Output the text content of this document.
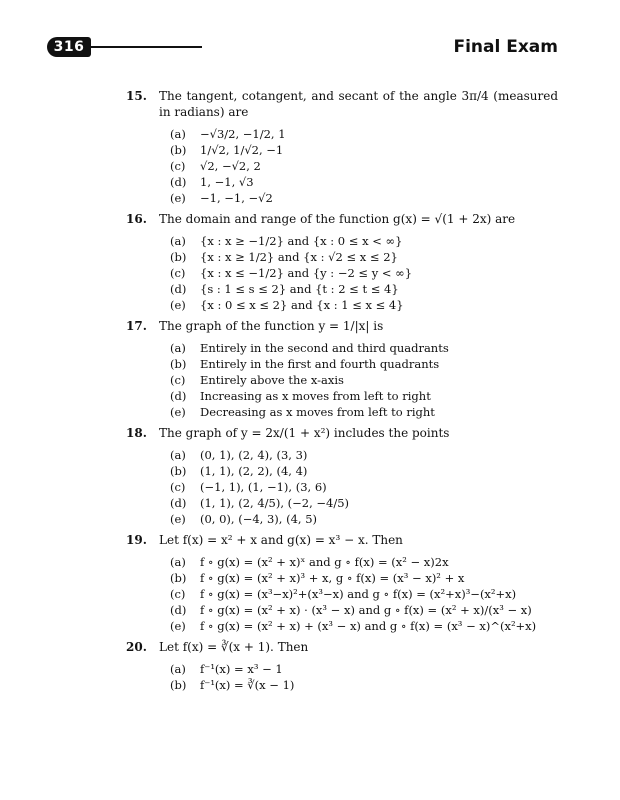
316	Final Exam
15.	The tangent, cotangent, and secant of the angle 3π/4 (measured in radians) are
(a)	−√3/2, −1/2, 1
(b)	1/√2, 1/√2, −1
(c)	√2, −√2, 2
(d)	1, −1, √3
(e)	−1, −1, −√2
16.	The domain and range of the function g(x) = √(1 + 2x) are
(a)	{x : x ≥ −1/2} and {x : 0 ≤ x < ∞}
(b)	{x : x ≥ 1/2} and {x : √2 ≤ x ≤ 2}
(c)	{x : x ≤ −1/2} and {y : −2 ≤ y < ∞}
(d)	{s : 1 ≤ s ≤ 2} and {t : 2 ≤ t ≤ 4}
(e)	{x : 0 ≤ x ≤ 2} and {x : 1 ≤ x ≤ 4}
17.	The graph of the function y = 1/|x| is
(a)	Entirely in the second and third quadrants
(b)	Entirely in the first and fourth quadrants
(c)	Entirely above the x-axis
(d)	Increasing as x moves from left to right
(e)	Decreasing as x moves from left to right
18.	The graph of y = 2x/(1 + x²) includes the points
(a)	(0, 1), (2, 4), (3, 3)
(b)	(1, 1), (2, 2), (4, 4)
(c)	(−1, 1), (1, −1), (3, 6)
(d)	(1, 1), (2, 4/5), (−2, −4/5)
(e)	(0, 0), (−4, 3), (4, 5)
19.	Let f(x) = x² + x and g(x) = x³ − x. Then
(a)	f ∘ g(x) = (x² + x)ˣ and g ∘ f(x) = (x² − x)2x
(b)	f ∘ g(x) = (x² + x)³ + x, g ∘ f(x) = (x³ − x)² + x
(c)	f ∘ g(x) = (x³−x)²+(x³−x) and g ∘ f(x) = (x²+x)³−(x²+x)
(d)	f ∘ g(x) = (x² + x) · (x³ − x) and g ∘ f(x) = (x² + x)/(x³ − x)
(e)	f ∘ g(x) = (x² + x) + (x³ − x) and g ∘ f(x) = (x³ − x)^(x²+x)
20.	Let f(x) = ∛(x + 1). Then
(a)	f⁻¹(x) = x³ − 1
(b)	f⁻¹(x) = ∛(x − 1)
